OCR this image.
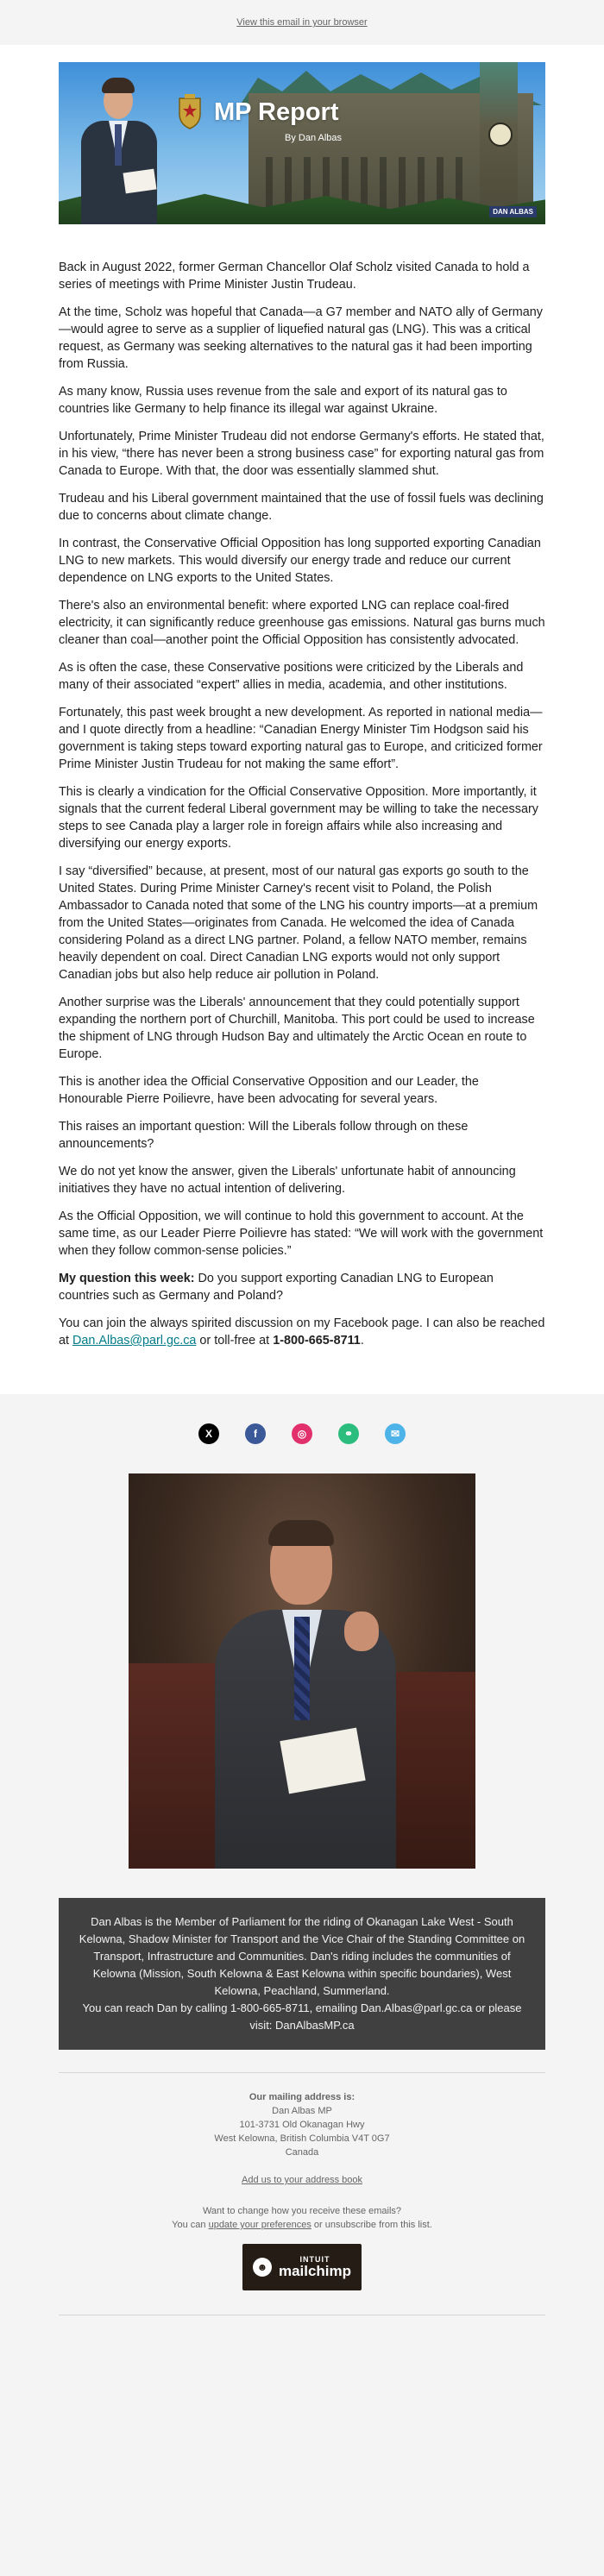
View this email in your browser
MP Report
By Dan Albas
DAN ALBAS

Back in August 2022, former German Chancellor Olaf Scholz visited Canada to hold a series of meetings with Prime Minister Justin Trudeau.

At the time, Scholz was hopeful that Canada—a G7 member and NATO ally of Germany—would agree to serve as a supplier of liquefied natural gas (LNG). This was a critical request, as Germany was seeking alternatives to the natural gas it had been importing from Russia.

As many know, Russia uses revenue from the sale and export of its natural gas to countries like Germany to help finance its illegal war against Ukraine.

Unfortunately, Prime Minister Trudeau did not endorse Germany's efforts. He stated that, in his view, “there has never been a strong business case” for exporting natural gas from Canada to Europe. With that, the door was essentially slammed shut.

Trudeau and his Liberal government maintained that the use of fossil fuels was declining due to concerns about climate change.

In contrast, the Conservative Official Opposition has long supported exporting Canadian LNG to new markets. This would diversify our energy trade and reduce our current dependence on LNG exports to the United States.

There's also an environmental benefit: where exported LNG can replace coal-fired electricity, it can significantly reduce greenhouse gas emissions. Natural gas burns much cleaner than coal—another point the Official Opposition has consistently advocated.

As is often the case, these Conservative positions were criticized by the Liberals and many of their associated “expert” allies in media, academia, and other institutions.

Fortunately, this past week brought a new development. As reported in national media—and I quote directly from a headline: “Canadian Energy Minister Tim Hodgson said his government is taking steps toward exporting natural gas to Europe, and criticized former Prime Minister Justin Trudeau for not making the same effort”.

This is clearly a vindication for the Official Conservative Opposition. More importantly, it signals that the current federal Liberal government may be willing to take the necessary steps to see Canada play a larger role in foreign affairs while also increasing and diversifying our energy exports.

I say “diversified” because, at present, most of our natural gas exports go south to the United States. During Prime Minister Carney's recent visit to Poland, the Polish Ambassador to Canada noted that some of the LNG his country imports—at a premium from the United States—originates from Canada. He welcomed the idea of Canada considering Poland as a direct LNG partner. Poland, a fellow NATO member, remains heavily dependent on coal. Direct Canadian LNG exports would not only support Canadian jobs but also help reduce air pollution in Poland.

Another surprise was the Liberals' announcement that they could potentially support expanding the northern port of Churchill, Manitoba. This port could be used to increase the shipment of LNG through Hudson Bay and ultimately the Arctic Ocean en route to Europe.

This is another idea the Official Conservative Opposition and our Leader, the Honourable Pierre Poilievre, have been advocating for several years.

This raises an important question: Will the Liberals follow through on these announcements?

We do not yet know the answer, given the Liberals' unfortunate habit of announcing initiatives they have no actual intention of delivering.

As the Official Opposition, we will continue to hold this government to account. At the same time, as our Leader Pierre Poilievre has stated: “We will work with the government when they follow common-sense policies.”

My question this week: Do you support exporting Canadian LNG to European countries such as Germany and Poland?

You can join the always spirited discussion on my Facebook page. I can also be reached at Dan.Albas@parl.gc.ca or toll-free at 1-800-665-8711.

X	f	◎	⚭	✉
Dan Albas is the Member of Parliament for the riding of Okanagan Lake West - South Kelowna, Shadow Minister for Transport and the Vice Chair of the Standing Committee on Transport, Infrastructure and Communities. Dan's riding includes the communities of Kelowna (Mission, South Kelowna & East Kelowna within specific boundaries), West Kelowna, Peachland, Summerland.
You can reach Dan by calling 1-800-665-8711, emailing Dan.Albas@parl.gc.ca or please visit: DanAlbasMP.ca
Our mailing address is:
Dan Albas MP
101-3731 Old Okanagan Hwy
West Kelowna, British Columbia V4T 0G7
Canada
Add us to your address book
Want to change how you receive these emails?
You can update your preferences or unsubscribe from this list.
☻
INTUIT
mailchimp
